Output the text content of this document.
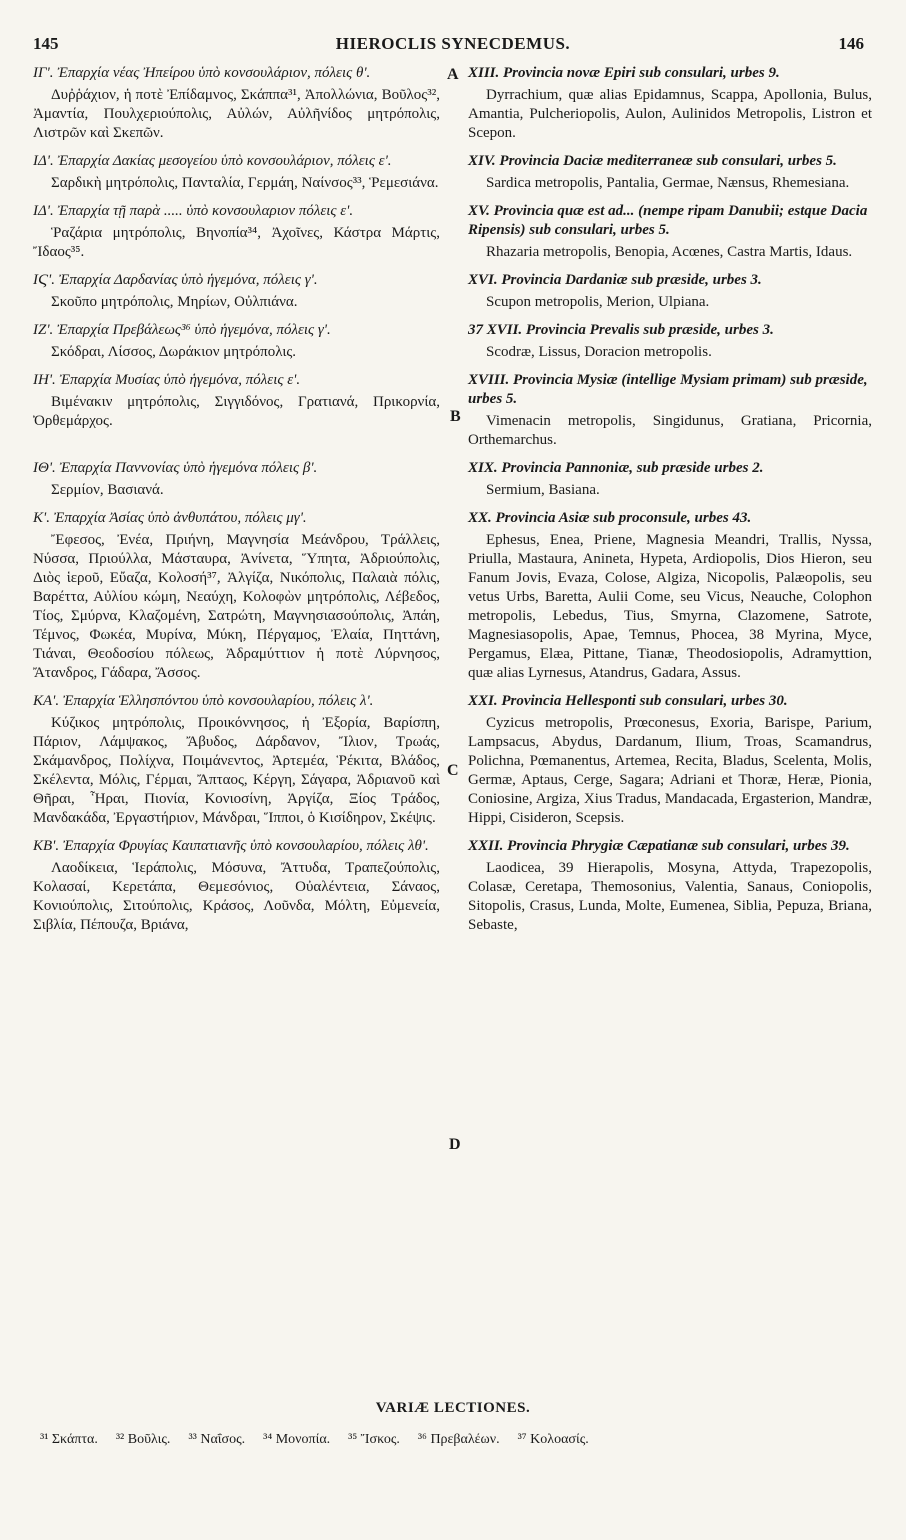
145	HIEROCLIS SYNECDEMUS.	146
ΙΓ'. Ἐπαρχία νέας Ἠπείρου ὑπὸ κονσουλάριον, πόλεις θ'.
Δυῤῥάχιον, ἡ ποτὲ Ἐπίδαμνος, Σκάππα³¹, Ἀπολλώνια, Βοῦλος³², Ἀμαντία, Πουλχεριούπολις, Αὐλών, Αὐλῆνίδος μητρόπολις, Λιστρῶν καὶ Σκεπῶν.
ΙΔ'. Ἐπαρχία Δακίας μεσογείου ὑπὸ κονσουλάριον, πόλεις ε'.
Σαρδικὴ μητρόπολις, Πανταλία, Γερμάη, Ναίνσος³³, Ῥεμεσιάνα.
ΙΔ'. Ἐπαρχία τῇ παρὰ ..... ὑπὸ κονσουλαριον πόλεις ε'.
Ῥαζάρια μητρόπολις, Βηνοπία³⁴, Ἀχοῖνες, Κάστρα Μάρτις, Ἴδαος³⁵.
ΙϚ'. Ἐπαρχία Δαρδανίας ὑπὸ ἡγεμόνα, πόλεις γ'.
Σκοῦπο μητρόπολις, Μηρίων, Οὐλπιάνα.
ΙΖ'. Ἐπαρχία Πρεβάλεως³⁶ ὑπὸ ἡγεμόνα, πόλεις γ'.
Σκόδραι, Λίσσος, Δωράκιον μητρόπολις.
ΙΗ'. Ἐπαρχία Μυσίας ὑπὸ ἡγεμόνα, πόλεις ε'.
Βιμένακιν μητρόπολις, Σιγγιδόνος, Γρατιανά, Πρικορνία, Ὀρθεμάρχος.
ΙΘ'. Ἐπαρχία Παννονίας ὑπὸ ἡγεμόνα πόλεις β'.
Σερμίον, Βασιανά.
Κ'. Ἐπαρχία Ἀσίας ὑπὸ ἀνθυπάτου, πόλεις μγ'.
Ἔφεσος, Ἐνέα, Πριήνη, Μαγνησία Μεάνδρου, Τράλλεις, Νύσσα, Πριούλλα, Μάσταυρα, Ἀνίνετα, Ὕπητα, Ἀδριούπολις, Διὸς ἱεροῦ, Εὔαζα, Κολοσή³⁷, Ἀλγίζα, Νικόπολις, Παλαιὰ πόλις, Βαρέττα, Αὐλίου κώμη, Νεαύχη, Κολοφὼν μητρόπολις, Λέβεδος, Τίος, Σμύρνα, Κλαζομένη, Σατρώτη, Μαγνησιασούπολις, Ἀπάη, Τέμνος, Φωκέα, Μυρίνα, Μύκη, Πέργαμος, Ἐλαία, Πηττάνη, Τιάναι, Θεοδοσίου πόλεως, Ἀδραμύττιον ἡ ποτὲ Λύρνησος, Ἄτανδρος, Γάδαρα, Ἄσσος.
ΚΑ'. Ἐπαρχία Ἑλλησπόντου ὑπὸ κονσουλαρίου, πόλεις λ'.
Κύζικος μητρόπολις, Προικόννησος, ἡ Ἐξορία, Βαρίσπη, Πάριον, Λάμψακος, Ἄβυδος, Δάρδανον, Ἴλιον, Τρωάς, Σκάμανδρος, Πολίχνα, Ποιμάνεντος, Ἀρτεμέα, Ῥέκιτα, Βλάδος, Σκέλεντα, Μόλις, Γέρμαι, Ἄπταος, Κέργη, Σάγαρα, Ἀδριανοῦ καὶ Θῆραι, Ἧραι, Πιονία, Κονιοσίνη, Ἀργίζα, Ξίος Τράδος, Μανδακάδα, Ἐργαστήριον, Μάνδραι, Ἵπποι, ὁ Κισίδηρον, Σκέψις.
ΚΒ'. Ἐπαρχία Φρυγίας Καιπατιανῆς ὑπὸ κονσουλαρίου, πόλεις λθ'.
Λαοδίκεια, Ἱεράπολις, Μόσυνα, Ἄττυδα, Τραπεζούπολις, Κολασαί, Κερετάπα, Θεμεσόνιος, Οὐαλέντεια, Σάναος, Κονιούπολις, Σιτούπολις, Κράσος, Λοῦνδα, Μόλτη, Εὐμενεία, Σιβλία, Πέπουζα, Βριάνα,
XIII. Provincia novæ Epiri sub consulari, urbes 9.
Dyrrachium, quæ alias Epidamnus, Scappa, Apollonia, Bulus, Amantia, Pulcheriopolis, Aulon, Aulinidos Metropolis, Listron et Scepon.
XIV. Provincia Daciæ mediterraneæ sub consulari, urbes 5.
Sardica metropolis, Pantalia, Germae, Nænsus, Rhemesiana.
XV. Provincia quæ est ad... (nempe ripam Danubii; estque Dacia Ripensis) sub consulari, urbes 5.
Rhazaria metropolis, Benopia, Acœnes, Castra Martis, Idaus.
XVI. Provincia Dardaniæ sub præside, urbes 3.
Scupon metropolis, Merion, Ulpiana.
37 XVII. Provincia Prevalis sub præside, urbes 3.
Scodræ, Lissus, Doracion metropolis.
XVIII. Provincia Mysiæ (intellige Mysiam primam) sub præside, urbes 5.
Vimenacin metropolis, Singidunus, Gratiana, Pricornia, Orthemarchus.
XIX. Provincia Pannoniæ, sub præside urbes 2.
Sermium, Basiana.
XX. Provincia Asiæ sub proconsule, urbes 43.
Ephesus, Enea, Priene, Magnesia Meandri, Trallis, Nyssa, Priulla, Mastaura, Anineta, Hypeta, Ardiopolis, Dios Hieron, seu Fanum Jovis, Evaza, Colose, Algiza, Nicopolis, Palæopolis, seu vetus Urbs, Baretta, Aulii Come, seu Vicus, Neauche, Colophon metropolis, Lebedus, Tius, Smyrna, Clazomene, Satrote, Magnesiasopolis, Apae, Temnus, Phocea, 38 Myrina, Myce, Pergamus, Elæa, Pittane, Tianæ, Theodosiopolis, Adramyttion, quæ alias Lyrnesus, Atandrus, Gadara, Assus.
XXI. Provincia Hellesponti sub consulari, urbes 30.
Cyzicus metropolis, Prœconesus, Exoria, Barispe, Parium, Lampsacus, Abydus, Dardanum, Ilium, Troas, Scamandrus, Polichna, Pœmanentus, Artemea, Recita, Bladus, Scelenta, Molis, Germæ, Aptaus, Cerge, Sagara; Adriani et Thoræ, Heræ, Pionia, Coniosine, Argiza, Xius Tradus, Mandacada, Ergasterion, Mandræ, Hippi, Cisideron, Scepsis.
XXII. Provincia Phrygiæ Cæpatianæ sub consulari, urbes 39.
Laodicea, 39 Hierapolis, Mosyna, Attyda, Trapezopolis, Colasæ, Ceretapa, Themosonius, Valentia, Sanaus, Coniopolis, Sitopolis, Crasus, Lunda, Molte, Eumenea, Siblia, Pepuza, Briana, Sebaste,
A
B
C
D
VARIÆ LECTIONES.
³¹ Σκάπτα. ³² Βοῦλις. ³³ Ναΐσος. ³⁴ Μονοπία. ³⁵ Ἴσκος. ³⁶ Πρεβαλέων. ³⁷ Κολοασίς.
